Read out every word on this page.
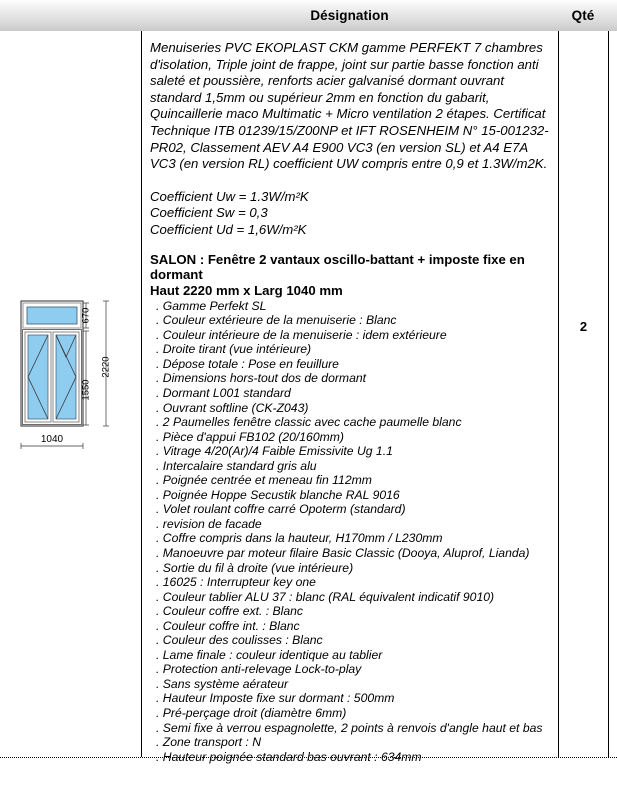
Désignation	Qté
670
1550
2220
1040

Menuiseries PVC EKOPLAST CKM gamme PERFEKT 7 chambres d'isolation, Triple joint de frappe, joint sur partie basse fonction anti saleté et poussière, renforts acier galvanisé dormant ouvrant standard 1,5mm ou supérieur 2mm en fonction du gabarit, Quincaillerie maco Multimatic + Micro ventilation 2 étapes. Certificat Technique ITB 01239/15/Z00NP et IFT ROSENHEIM N° 15-001232-PR02, Classement AEV A4 E900 VC3 (en version SL) et A4 E7A VC3 (en version RL) coefficient UW compris entre 0,9 et 1.3W/m2K.

Coefficient Uw = 1.3W/m²K
Coefficient Sw = 0,3
Coefficient Ud = 1,6W/m²K

SALON : Fenêtre 2 vantaux oscillo-battant + imposte fixe en dormant

Haut 2220 mm x Larg 1040 mm

. Gamme Perfekt SL
. Couleur extérieure de la menuiserie : Blanc
. Couleur intérieure de la menuiserie : idem extérieure
. Droite tirant (vue intérieure)
. Dépose totale : Pose en feuillure
. Dimensions hors-tout dos de dormant
. Dormant L001 standard
. Ouvrant softline (CK-Z043)
. 2 Paumelles fenêtre classic avec cache paumelle blanc
. Pièce d'appui FB102 (20/160mm)
. Vitrage 4/20(Ar)/4 Faible Emissivite Ug 1.1
. Intercalaire standard gris alu
. Poignée centrée et meneau fin 112mm
. Poignée Hoppe Secustik blanche RAL 9016
. Volet roulant coffre carré Opoterm (standard)
. revision de facade
. Coffre compris dans la hauteur, H170mm / L230mm
. Manoeuvre par moteur filaire Basic Classic (Dooya, Aluprof, Lianda)
. Sortie du fil à droite (vue intérieure)
. 16025 : Interrupteur key one
. Couleur tablier ALU 37 : blanc (RAL équivalent indicatif 9010)
. Couleur coffre ext. : Blanc
. Couleur coffre int. : Blanc
. Couleur des coulisses : Blanc
. Lame finale : couleur identique au tablier
. Protection anti-relevage Lock-to-play
. Sans système aérateur
. Hauteur Imposte fixe sur dormant : 500mm
. Pré-perçage droit (diamètre 6mm)
. Semi fixe à verrou espagnolette, 2 points à renvois d'angle haut et bas
. Zone transport : N
. Hauteur poignée standard bas ouvrant : 634mm
2
